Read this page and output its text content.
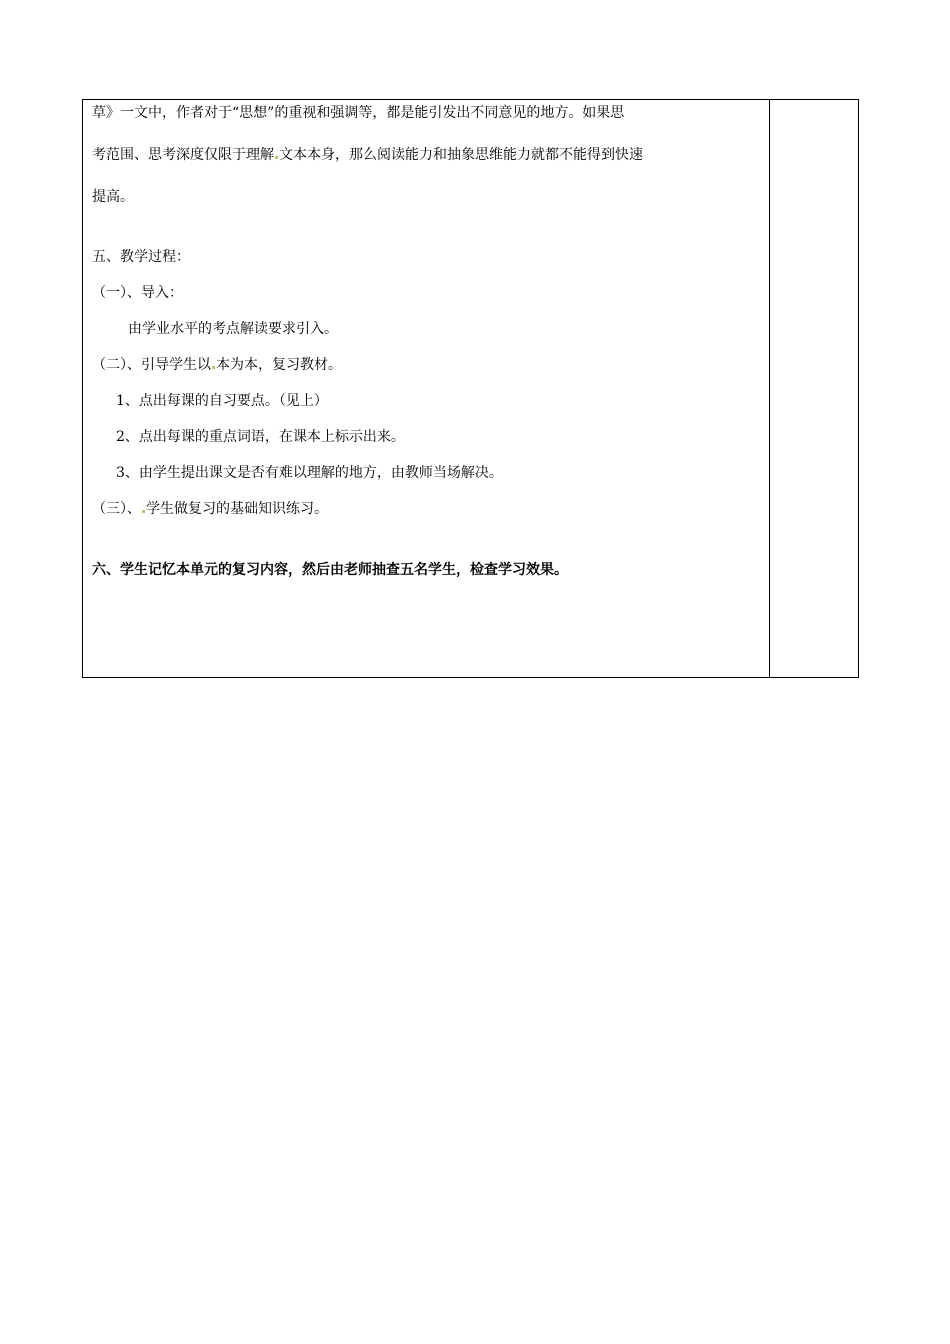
草》一文中，作者对于“思想”的重视和强调等，都是能引发出不同意见的地方。如果思
考范围、思考深度仅限于理解 文本本身，那么阅读能力和抽象思维能力就都不能得到快速
提高。
五、教学过程：
（一）、导入：
由学业水平的考点解读要求引入。
（二）、引导学生以 本为本，复习教材。
1、点出每课的自习要点。（见上）
2、点出每课的重点词语，在课本上标示出来。
3、由学生提出课文是否有难以理解的地方，由教师当场解决。
（三）、 学生做复习的基础知识练习。
六、学生记忆本单元的复习内容，然后由老师抽查五名学生，检查学习效果。
